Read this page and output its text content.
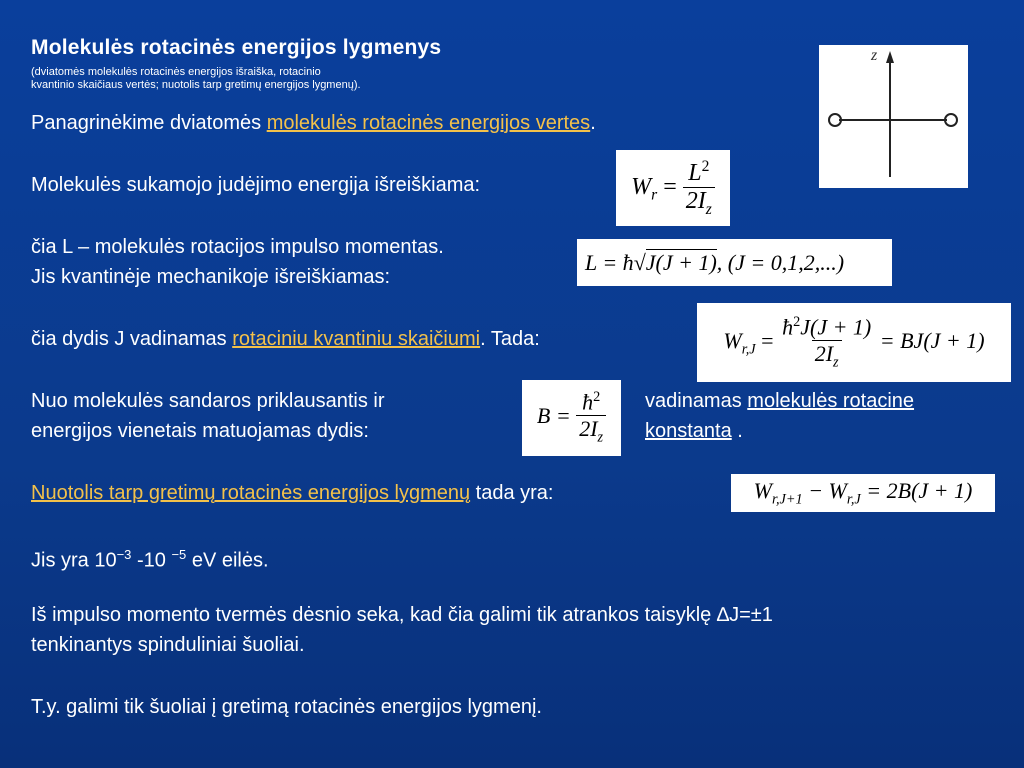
Molekulės rotacinės energijos lygmenys
(dviatomės molekulės rotacinės energijos išraiška, rotacinio
kvantinio skaičiaus vertės; nuotolis tarp gretimų energijos lygmenų).
z
Panagrinėkime dviatomės molekulės rotacinės energijos vertes.
Molekulės sukamojo judėjimo energija išreiškiama:	$W_r = \frac{L^2}{2I_z}$
čia L – molekulės rotacijos impulso momentas.
Jis kvantinėje mechanikoje išreiškiamas:
L = ħ√J(J + 1), (J = 0,1,2,...)
čia dydis J vadinamas rotaciniu kvantiniu skaičiumi. Tada:	$W_{r,J} = \frac{ħ^2J(J + 1)}{2I_z} = BJ(J + 1)$
Nuo molekulės sandaros priklausantis ir
energijos vienetais matuojamas dydis:
$B = \frac{ħ^2}{2I_z}$ vadinamas molekulės rotacine
konstanta .
Nuotolis tarp gretimų rotacinės energijos lygmenų tada yra:	$W_{r,J+1} - W_{r,J} = 2B(J + 1)$
Jis yra $10^{-3}$ -10 $^{-5}$ eV eilės.
Iš impulso momento tvermės dėsnio seka, kad čia galimi tik atrankos taisyklę ∆J=±1
tenkinantys spinduliniai šuoliai.
T.y. galimi tik šuoliai į gretimą rotacinės energijos lygmenį.
